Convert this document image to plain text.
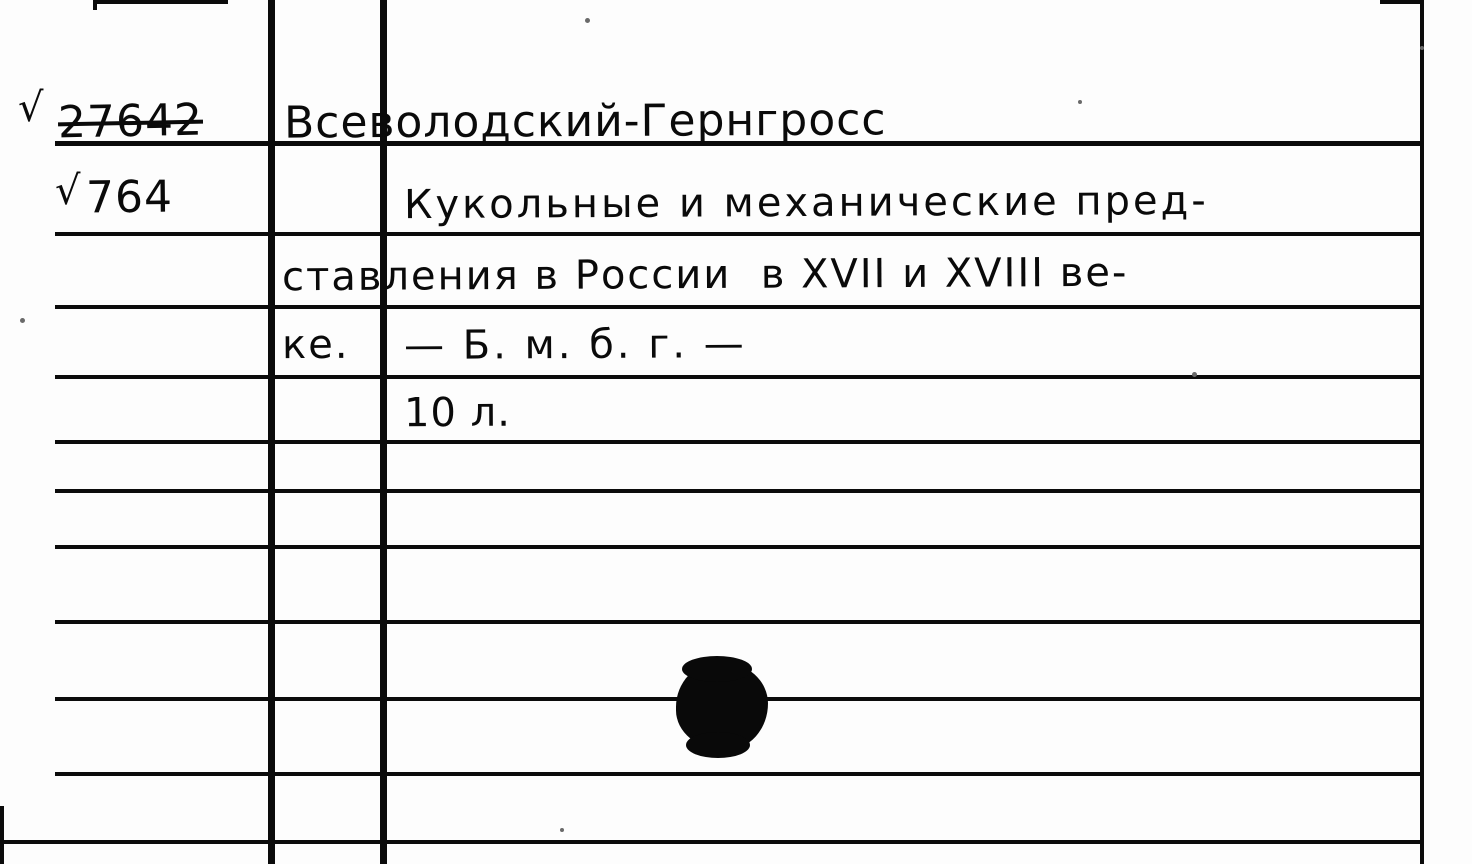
√ 27642
√ 764
Всеволодский-Гернгросс
Кукольные и механические пред-
ставления в России  в XVII и XVIII ве-
ке. — Б. м. б. г. —
10 л.
